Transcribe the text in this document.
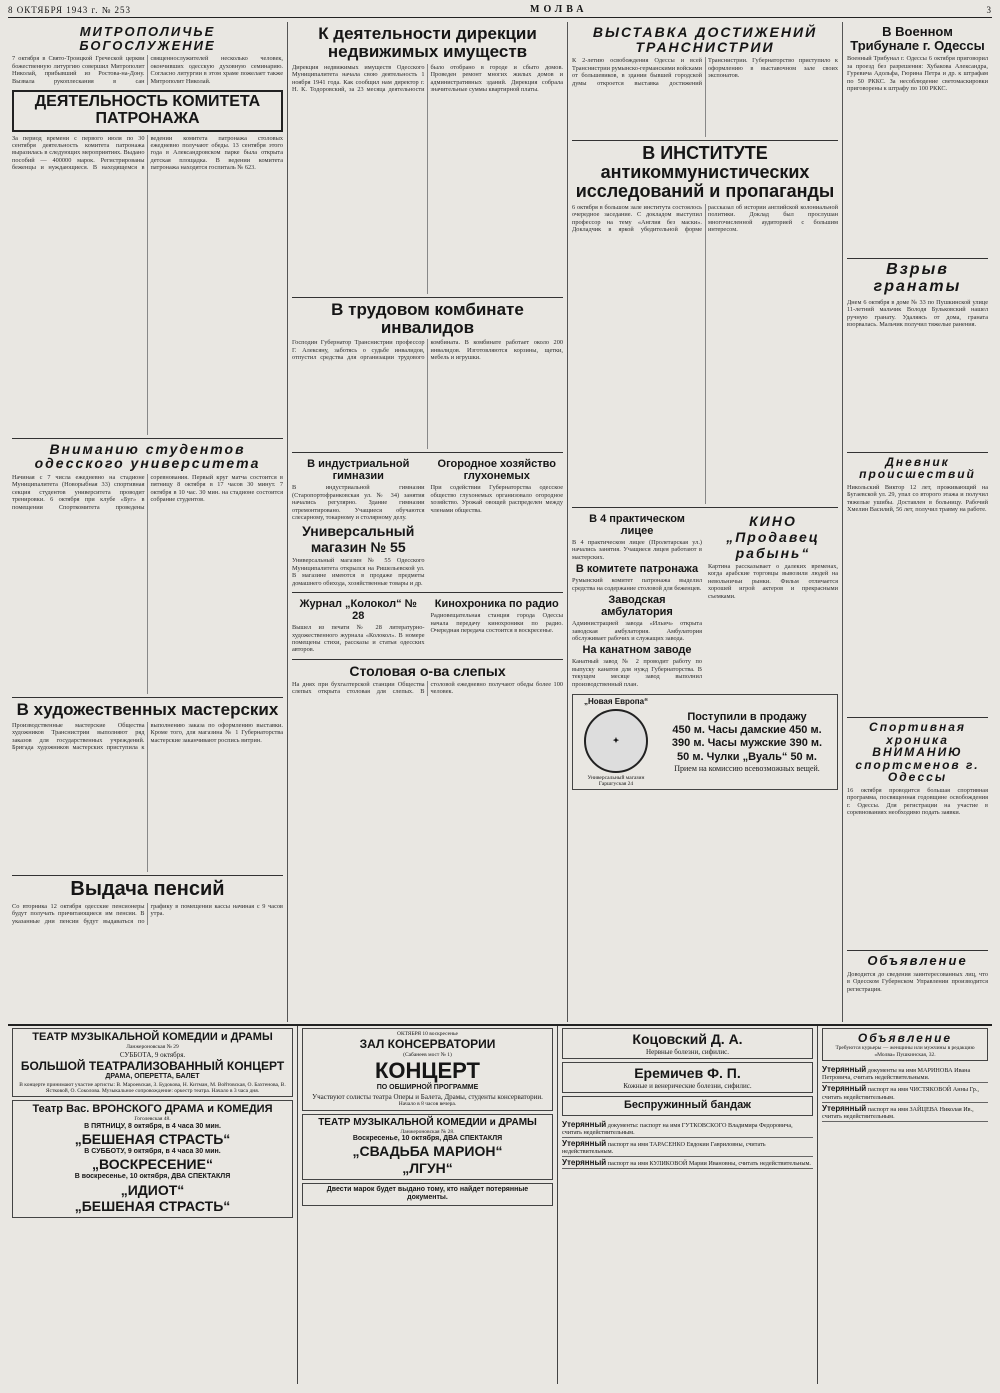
8 ОКТЯБРЯ 1943 г. № 253	МОЛВА	3
МИТРОПОЛИЧЬЕ БОГОСЛУЖЕНИЕ

7 октября в Свято-Троицкой Греческой церкви божественную литургию совершил Митрополит Николай, прибывший из Ростова-на-Дону. Вызвала рукоплескания в сан священнослужителей несколько человек, окончивших одесскую духовную семинарию. Согласно литургии в этом храме пожелает также Митрополит Николай.

ДЕЯТЕЛЬНОСТЬ КОМИТЕТА ПАТРОНАЖА

За период времени с первого июля по 30 сентября деятельность комитета патронажа выразилась в следующих мероприятиях. Выдано пособий — 400000 марок. Регистрированы беженцы и нуждающиеся. В находящемся в ведении комитета патронажа столовых ежедневно получают обеды. 13 сентября этого года в Александровском парке была открыта детская площадка. В ведении комитета патронажа находятся госпиталь № 623.

Вниманию студентов одесского университета

Начиная с 7 числа ежедневно на стадионе Муниципалитета (Новорыбная 33) спортивная секция студентов университета проводит тренировки. 6 октября при клубе «Буг» в помещении Спорткомитета проведены соревнования. Первый круг матча состоится в пятницу 8 октября в 17 часов 30 минут. 7 октября в 10 час. 30 мин. на стадионе состоится собрание студентов.

В художественных мастерских

Производственные мастерские Общества художников Транснистрии выполняют ряд заказов для государственных учреждений. Бригада художников мастерских приступила к выполнению заказа по оформлению выставки. Кроме того, для магазина № 1 Губернаторства мастерские заканчивают роспись витрин.

Выдача пенсий

Со вторника 12 октября одесские пенсионеры будут получать причитающиеся им пенсии. В указанные дни пенсии будут выдаваться по графику в помещении кассы начиная с 9 часов утра.

К деятельности дирекции недвижимых имуществ

Дирекция недвижимых имуществ Одесского Муниципалитета начала свою деятельность 1 ноября 1941 года. Как сообщил нам директор г. Н. К. Тодоровский, за 23 месяца деятельности было отобрано в городе и сбыто домов. Проведен ремонт многих жилых домов и административных зданий. Дирекция собрала значительные суммы квартирной платы.

В трудовом комбинате инвалидов

Господин Губернатор Транснистрии профессор Г. Алексяну, заботясь о судьбе инвалидов, отпустил средства для организации трудового комбината. В комбинате работает около 200 инвалидов. Изготовляются корзины, щетки, мебель и игрушки.

В индустриальной гимназии

В индустриальной гимназии (Старопортофранковская ул. № 34) занятия начались регулярно. Здание гимназии отремонтировано. Учащиеся обучаются слесарному, токарному и столярному делу.

Универсальный магазин № 55

Универсальный магазин № 55 Одесского Муниципалитета открылся на Ришельевской ул. В магазине имеются в продаже предметы домашнего обихода, хозяйственные товары и др.

Огородное хозяйство глухонемых

При содействии Губернаторства одесское общество глухонемых организовало огородное хозяйство. Урожай овощей распределен между членами общества.

Журнал „Колокол“ № 28

Вышел из печати № 28 литературно-художественного журнала «Колокол». В номере помещены стихи, рассказы и статьи одесских авторов.

Кинохроника по радио

Радиовещательная станция города Одессы начала передачу кинохроники по радио. Очередная передача состоится в воскресенье.

Столовая о-ва слепых

На днях при бухгалтерской станции Общества слепых открыта столовая для слепых. В столовой ежедневно получают обеды более 100 человек.

ВЫСТАВКА ДОСТИЖЕНИЙ ТРАНСНИСТРИИ

К 2-летию освобождения Одессы и всей Транснистрии румынско-германскими войсками от большевиков, в здании бывшей городской думы откроется выставка достижений Транснистрии. Губернаторство приступило к оформлению в выставочном зале своих экспонатов.

В ИНСТИТУТЕ антикоммунистических исследований и пропаганды

6 октября в большом зале института состоялось очередное заседание. С докладом выступил профессор на тему «Англия без маски». Докладчик в яркой убедительной форме рассказал об истории английской колониальной политики. Доклад был прослушан многочисленной аудиторией с большим интересом.

В 4 практическом лицее

В 4 практическом лицее (Пролетарская ул.) начались занятия. Учащиеся лицея работают в мастерских.

В комитете патронажа

Румынский комитет патронажа выделил средства на содержание столовой для беженцев.

Заводская амбулатория

Администрацией завода «Ильич» открыта заводская амбулатория. Амбулатория обслуживает рабочих и служащих завода.

На канатном заводе

Канатный завод № 2 проводит работу по выпуску канатов для нужд Губернаторства. В текущем месяце завод выполнил производственный план.

КИНО „Продавец рабынь“

Картина рассказывает о далеких временах, когда арабские торговцы вывозили людей на невольничьи рынки. Фильм отличается хорошей игрой актеров и прекрасными съемками.

„Новая Европа“
✦
Универсальный магазин
Гаршгуская 24
Поступили в продажу
450 м. Часы дамские 450 м.
390 м. Часы мужские 390 м.
50 м. Чулки „Вуаль“ 50 м.
Прием на комиссию всевозможных вещей.
В Военном Трибунале г. Одессы

Военный Трибунал г. Одессы 6 октября приговорил за проезд без разрешения: Хубакова Александра, Гуревича Адольфа, Гюрина Петра и др. к штрафам по 50 РККС. За несоблюдение светомаскировки приговорены к штрафу по 100 РККС.

Взрыв гранаты

Днем 6 октября в доме № 33 по Пушкинской улице 11-летний мальчик Володя Бульковский нашел ручную гранату. Удаляясь от дома, граната взорвалась. Мальчик получил тяжелые ранения.

Дневник происшествий

Никольский Виктор 12 лет, проживающий на Бугаевской ул. 29, упал со второго этажа и получил тяжелые ушибы. Доставлен в больницу. Рабочий Хмелин Василий, 56 лет, получил травму на работе.

Спортивная хроника ВНИМАНИЮ спортсменов г. Одессы

16 октября проводится большая спортивная программа, посвященная годовщине освобождения г. Одессы. Для регистрации на участие в соревнованиях необходимо подать заявки.

Объявление

Доводится до сведения заинтересованных лиц, что в Одесском Губернском Управлении производится регистрация.

ТЕАТР МУЗЫКАЛЬНОЙ КОМЕДИИ и ДРАМЫ
Ланжероновская № 29
СУББОТА, 9 октября.
БОЛЬШОЙ ТЕАТРАЛИЗОВАННЫЙ КОНЦЕРТ
ДРАМА, ОПЕРЕТТА, БАЛЕТ
В концерте принимают участие артисты: В. Мароевская, З. Будокова, Н. Китман, М. Войтовская, О. Бахтенова, В. Ястковой, О. Соколова. Музыкальное сопровождение: оркестр театра. Начало в 3 часа дня.
Театр Вас. ВРОНСКОГО ДРАМА и КОМЕДИЯ
Гоголевская 48.
В ПЯТНИЦУ, 8 октября, в 4 часа 30 мин.
„БЕШЕНАЯ СТРАСТЬ“
В СУББОТУ, 9 октября, в 4 часа 30 мин.
„ВОСКРЕСЕНИЕ“
В воскресенье, 10 октября, ДВА СПЕКТАКЛЯ
„ИДИОТ“
„БЕШЕНАЯ СТРАСТЬ“
ОКТЯБРЯ 10 воскресенье
ЗАЛ КОНСЕРВАТОРИИ
(Сабанеев мост № 1)
КОНЦЕРТ
ПО ОБШИРНОЙ ПРОГРАММЕ
Участвуют солисты театра Оперы и Балета, Драмы, студенты консерватории.
Начало в 8 часов вечера.
ТЕАТР МУЗЫКАЛЬНОЙ КОМЕДИИ и ДРАМЫ
Ланжероновская № 28.
Воскресенье, 10 октября, ДВА СПЕКТАКЛЯ
„СВАДЬБА МАРИОН“
„ЛГУН“
Двести марок будет выдано тому, кто найдет потерянные документы.
Коцовский Д. А.
Нервные болезни, сифилис.
Еремичев Ф. П.
Кожные и венерические болезни, сифилис.
Беспружинный бандаж
Утерянный документы: паспорт на имя ГУТКОВСКОГО Владимира Федоровича, считать недействительным.
Утерянный паспорт на имя ТАРАСЕНКО Евдокии Гавриловны, считать недействительным.
Утерянный паспорт на имя КУЛИКОВОЙ Марии Ивановны, считать недействительным.
Объявление
Требуются курьеры — женщины или мужчины в редакцию «Молва» Пушкинская, 32.
Утерянный документы на имя МАРИНОВА Ивана Петровича, считать недействительными.
Утерянный паспорт на имя ЧИСТЯКОВОЙ Анны Гр., считать недействительным.
Утерянный паспорт на имя ЗАЙЦЕВА Николая Ив., считать недействительным.
